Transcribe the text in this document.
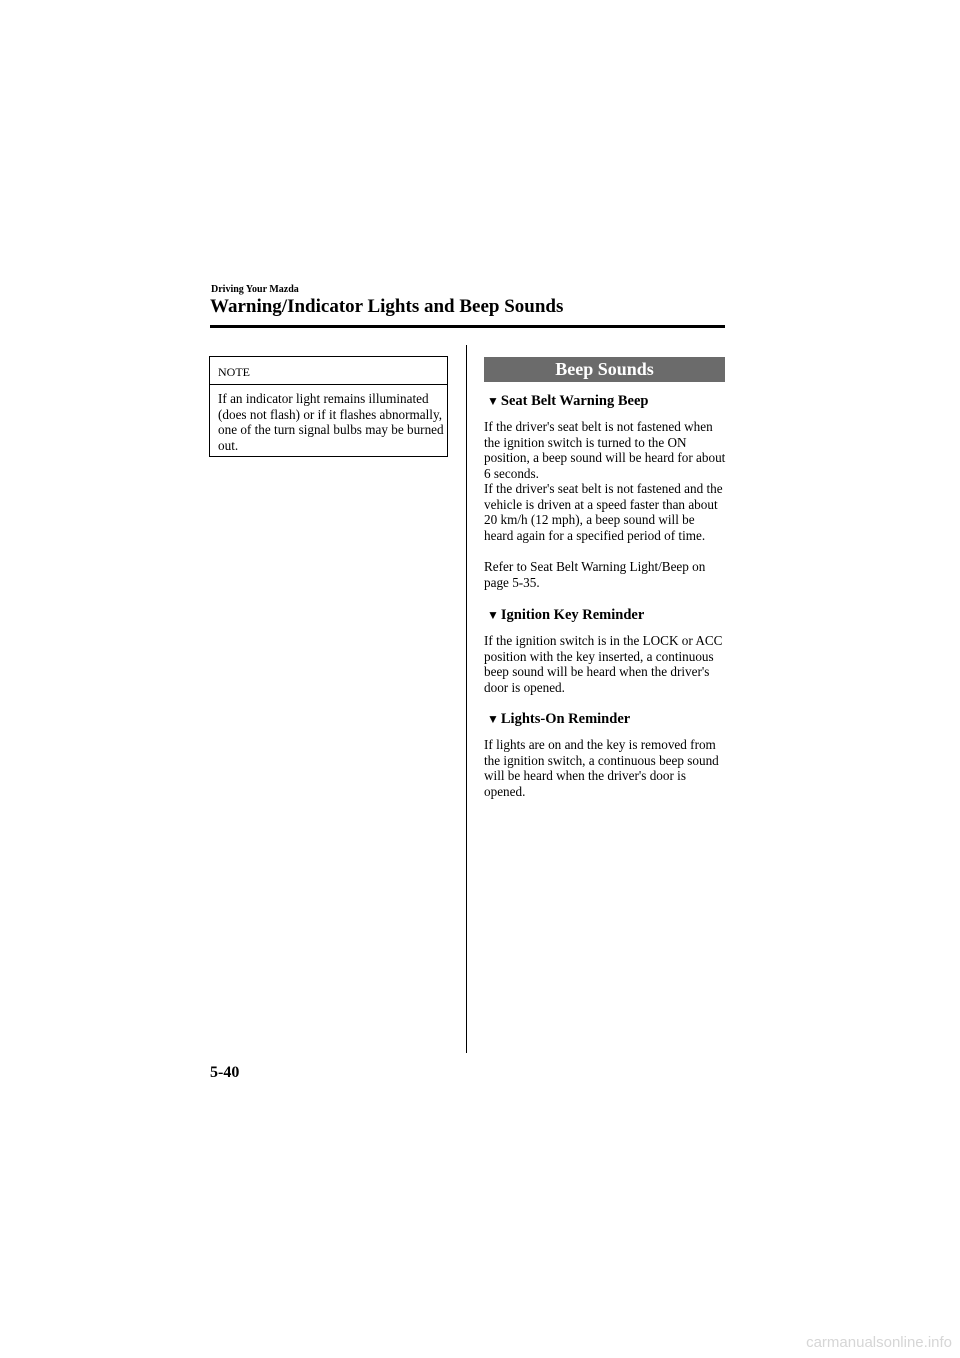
Driving Your Mazda
Warning/Indicator Lights and Beep Sounds
NOTE
If an indicator light remains illuminated (does not flash) or if it flashes abnormally, one of the turn signal bulbs may be burned out.
Beep Sounds
▼ Seat Belt Warning Beep
If the driver's seat belt is not fastened when the ignition switch is turned to the ON position, a beep sound will be heard for about 6 seconds.
If the driver's seat belt is not fastened and the vehicle is driven at a speed faster than about 20 km/h (12 mph), a beep sound will be heard again for a specified period of time.
Refer to Seat Belt Warning Light/Beep on page 5-35.
▼ Ignition Key Reminder
If the ignition switch is in the LOCK or ACC position with the key inserted, a continuous beep sound will be heard when the driver's door is opened.
▼ Lights-On Reminder
If lights are on and the key is removed from the ignition switch, a continuous beep sound will be heard when the driver's door is opened.
5-40
carmanualsonline.info
